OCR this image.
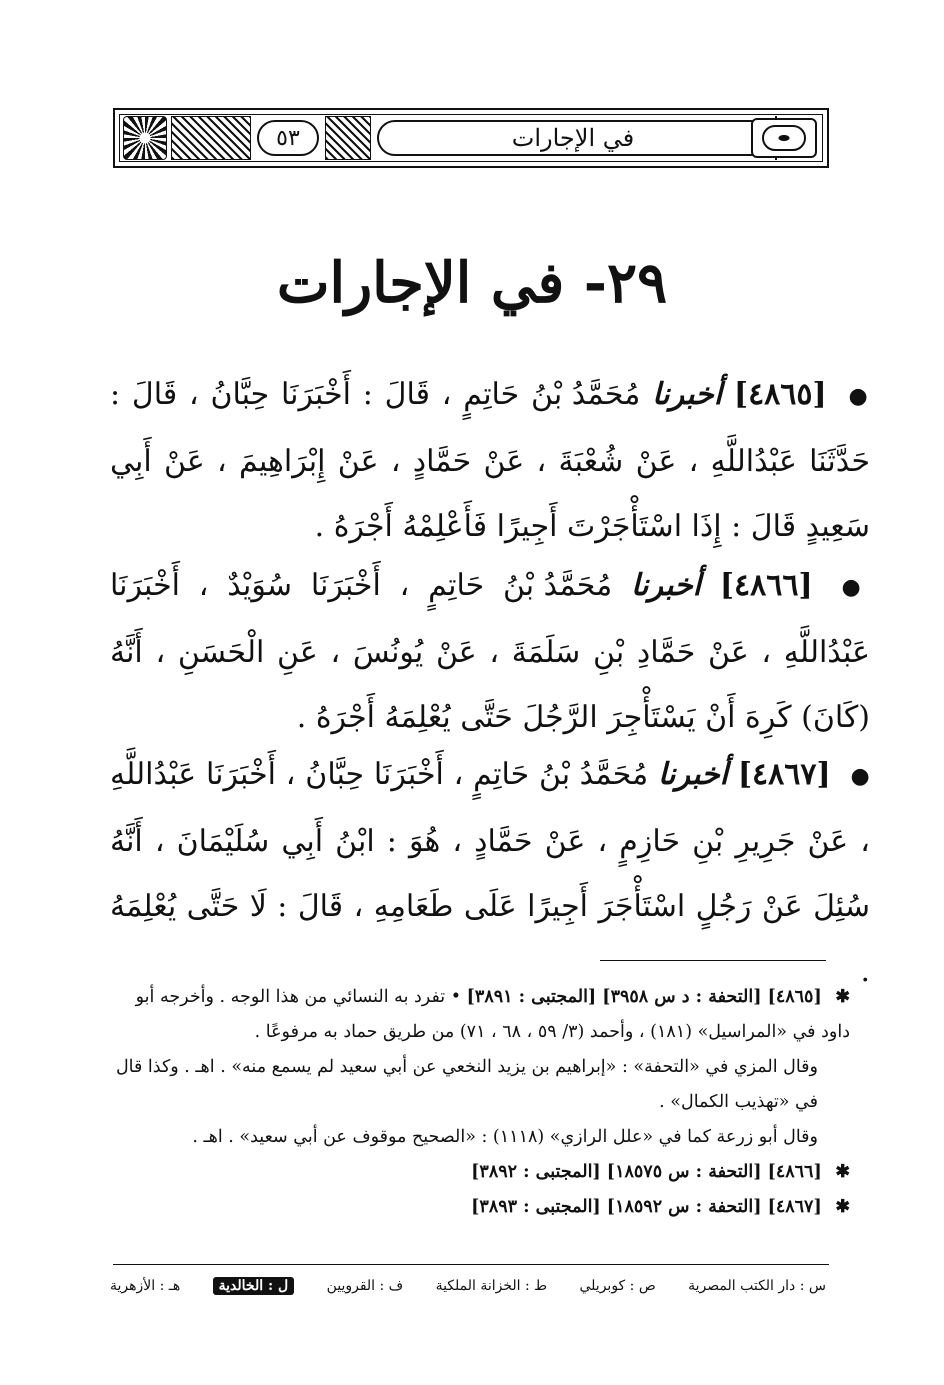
٥٣	في الإجارات
٢٩- في الإجارات
● [٤٨٦٥] أخبرنا مُحَمَّدُ بْنُ حَاتِمٍ ، قَالَ : أَخْبَرَنَا حِبَّانُ ، قَالَ : حَدَّثَنَا عَبْدُاللَّهِ ، عَنْ شُعْبَةَ ، عَنْ حَمَّادٍ ، عَنْ إِبْرَاهِيمَ ، عَنْ أَبِي سَعِيدٍ قَالَ : إِذَا اسْتَأْجَرْتَ أَجِيرًا فَأَعْلِمْهُ أَجْرَهُ .
● [٤٨٦٦] أخبرنا مُحَمَّدُ بْنُ حَاتِمٍ ، أَخْبَرَنَا سُوَيْدٌ ، أَخْبَرَنَا عَبْدُاللَّهِ ، عَنْ حَمَّادِ بْنِ سَلَمَةَ ، عَنْ يُونُسَ ، عَنِ الْحَسَنِ ، أَنَّهُ (كَانَ) كَرِهَ أَنْ يَسْتَأْجِرَ الرَّجُلَ حَتَّى يُعْلِمَهُ أَجْرَهُ .
● [٤٨٦٧] أخبرنا مُحَمَّدُ بْنُ حَاتِمٍ ، أَخْبَرَنَا حِبَّانُ ، أَخْبَرَنَا عَبْدُاللَّهِ ، عَنْ جَرِيرِ بْنِ حَازِمٍ ، عَنْ حَمَّادٍ ، هُوَ : ابْنُ أَبِي سُلَيْمَانَ ، أَنَّهُ سُئِلَ عَنْ رَجُلٍ اسْتَأْجَرَ أَجِيرًا عَلَى طَعَامِهِ ، قَالَ : لَا حَتَّى يُعْلِمَهُ .

✱ [٤٨٦٥] [التحفة : د س ٣٩٥٨] [المجتبى : ٣٨٩١] • تفرد به النسائي من هذا الوجه . وأخرجه أبو داود في «المراسيل» (١٨١) ، وأحمد (٣/ ٥٩ ، ٦٨ ، ٧١) من طريق حماد به مرفوعًا .
وقال المزي في «التحفة» : «إبراهيم بن يزيد النخعي عن أبي سعيد لم يسمع منه» . اهـ . وكذا قال في «تهذيب الكمال» .
وقال أبو زرعة كما في «علل الرازي» (١١١٨) : «الصحيح موقوف عن أبي سعيد» . اهـ .

✱ [٤٨٦٦] [التحفة : س ١٨٥٧٥] [المجتبى : ٣٨٩٢]

✱ [٤٨٦٧] [التحفة : س ١٨٥٩٢] [المجتبى : ٣٨٩٣]

س : دار الكتب المصرية
ص : كوبريلي
ط : الخزانة الملكية
ف : القرويين
ل : الخالدية
هـ : الأزهرية
